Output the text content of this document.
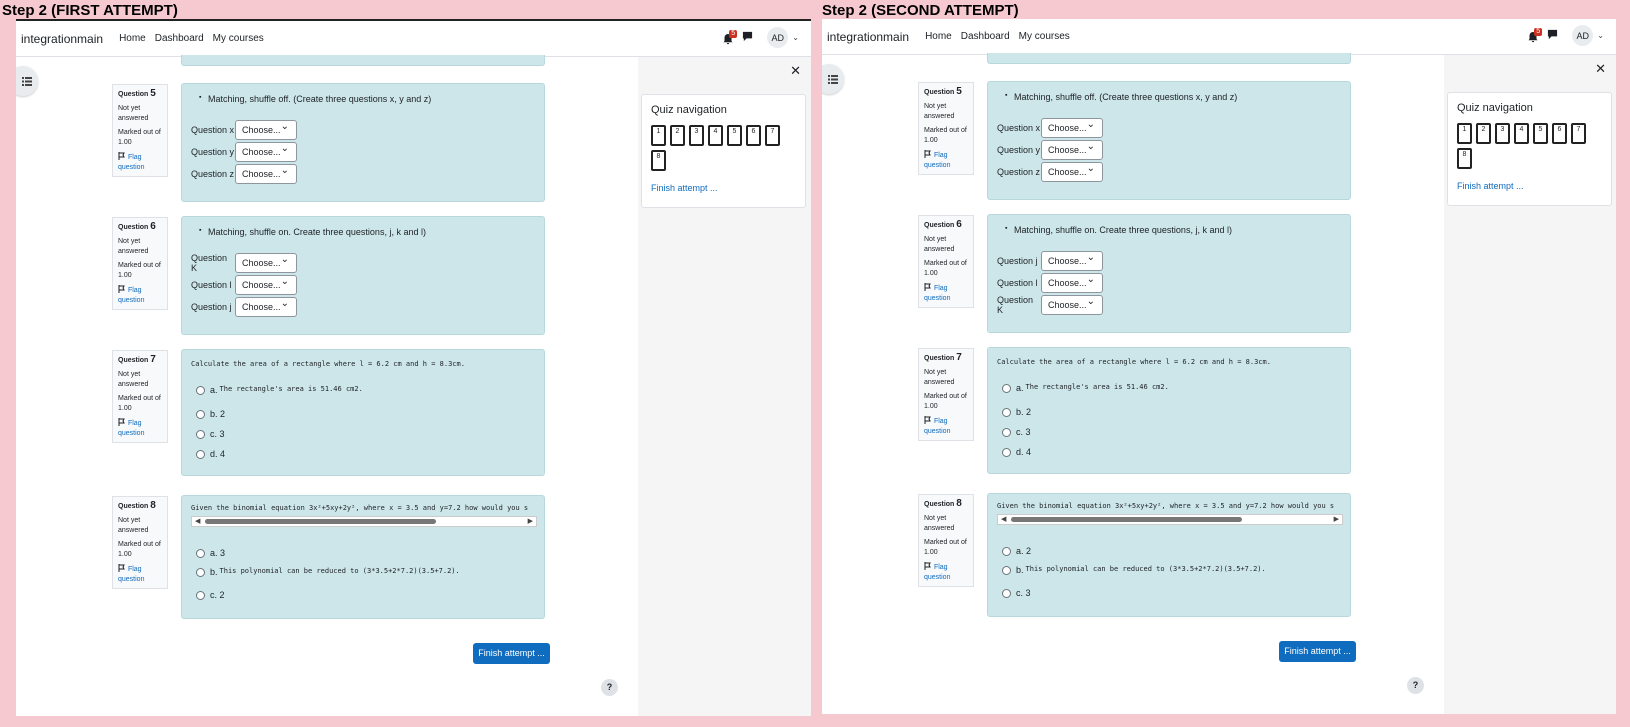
Step 2 (FIRST ATTEMPT)	Step 2 (SECOND ATTEMPT)
integrationmain Home Dashboard My courses	5	AD	⌄
Question 5
Not yet answered
Marked out of 1.00
Flag question
▪ Matching, shuffle off. (Create three questions x, y and z)
Question x Choose... ⌄
Question y Choose... ⌄
Question z Choose... ⌄
Question 6
Not yet answered
Marked out of 1.00
Flag question
▪ Matching, shuffle on. Create three questions, j, k and l)
Question K	Choose... ⌄
Question l	Choose... ⌄
Question j	Choose... ⌄
Question 7
Not yet answered
Marked out of 1.00
Flag question
Calculate the area of a rectangle where l = 6.2 cm and h = 8.3cm.
a. The rectangle's area is 51.46 cm2.
b.
2
c.
3
d.
4
Question 8
Not yet answered
Marked out of 1.00
Flag question
Given the binomial equation 3x²+5xy+2y², where x = 3.5 and y=7.2 how would you s
◀	▶
a.
3
b. This polynomial can be reduced to (3*3.5+2*7.2)(3.5+7.2).
c.
2
Finish attempt ...
?
✕
Quiz navigation
1	2	3	4	5	6	7
8
Finish attempt ...
integrationmain Home Dashboard My courses	5	AD	⌄
Question 5
Not yet answered
Marked out of 1.00
Flag question
▪ Matching, shuffle off. (Create three questions x, y and z)
Question x Choose... ⌄
Question y Choose... ⌄
Question z Choose... ⌄
Question 6
Not yet answered
Marked out of 1.00
Flag question
▪ Matching, shuffle on. Create three questions, j, k and l)
Question j	Choose... ⌄
Question l	Choose... ⌄
Question K	Choose... ⌄
Question 7
Not yet answered
Marked out of 1.00
Flag question
Calculate the area of a rectangle where l = 6.2 cm and h = 8.3cm.
a. The rectangle's area is 51.46 cm2.
b.
2
c.
3
d.
4
Question 8
Not yet answered
Marked out of 1.00
Flag question
Given the binomial equation 3x²+5xy+2y², where x = 3.5 and y=7.2 how would you s
◀	▶
a.
2
b. This polynomial can be reduced to (3*3.5+2*7.2)(3.5+7.2).
c.
3
Finish attempt ...
?
✕
Quiz navigation
1	2	3	4	5	6	7
8
Finish attempt ...
